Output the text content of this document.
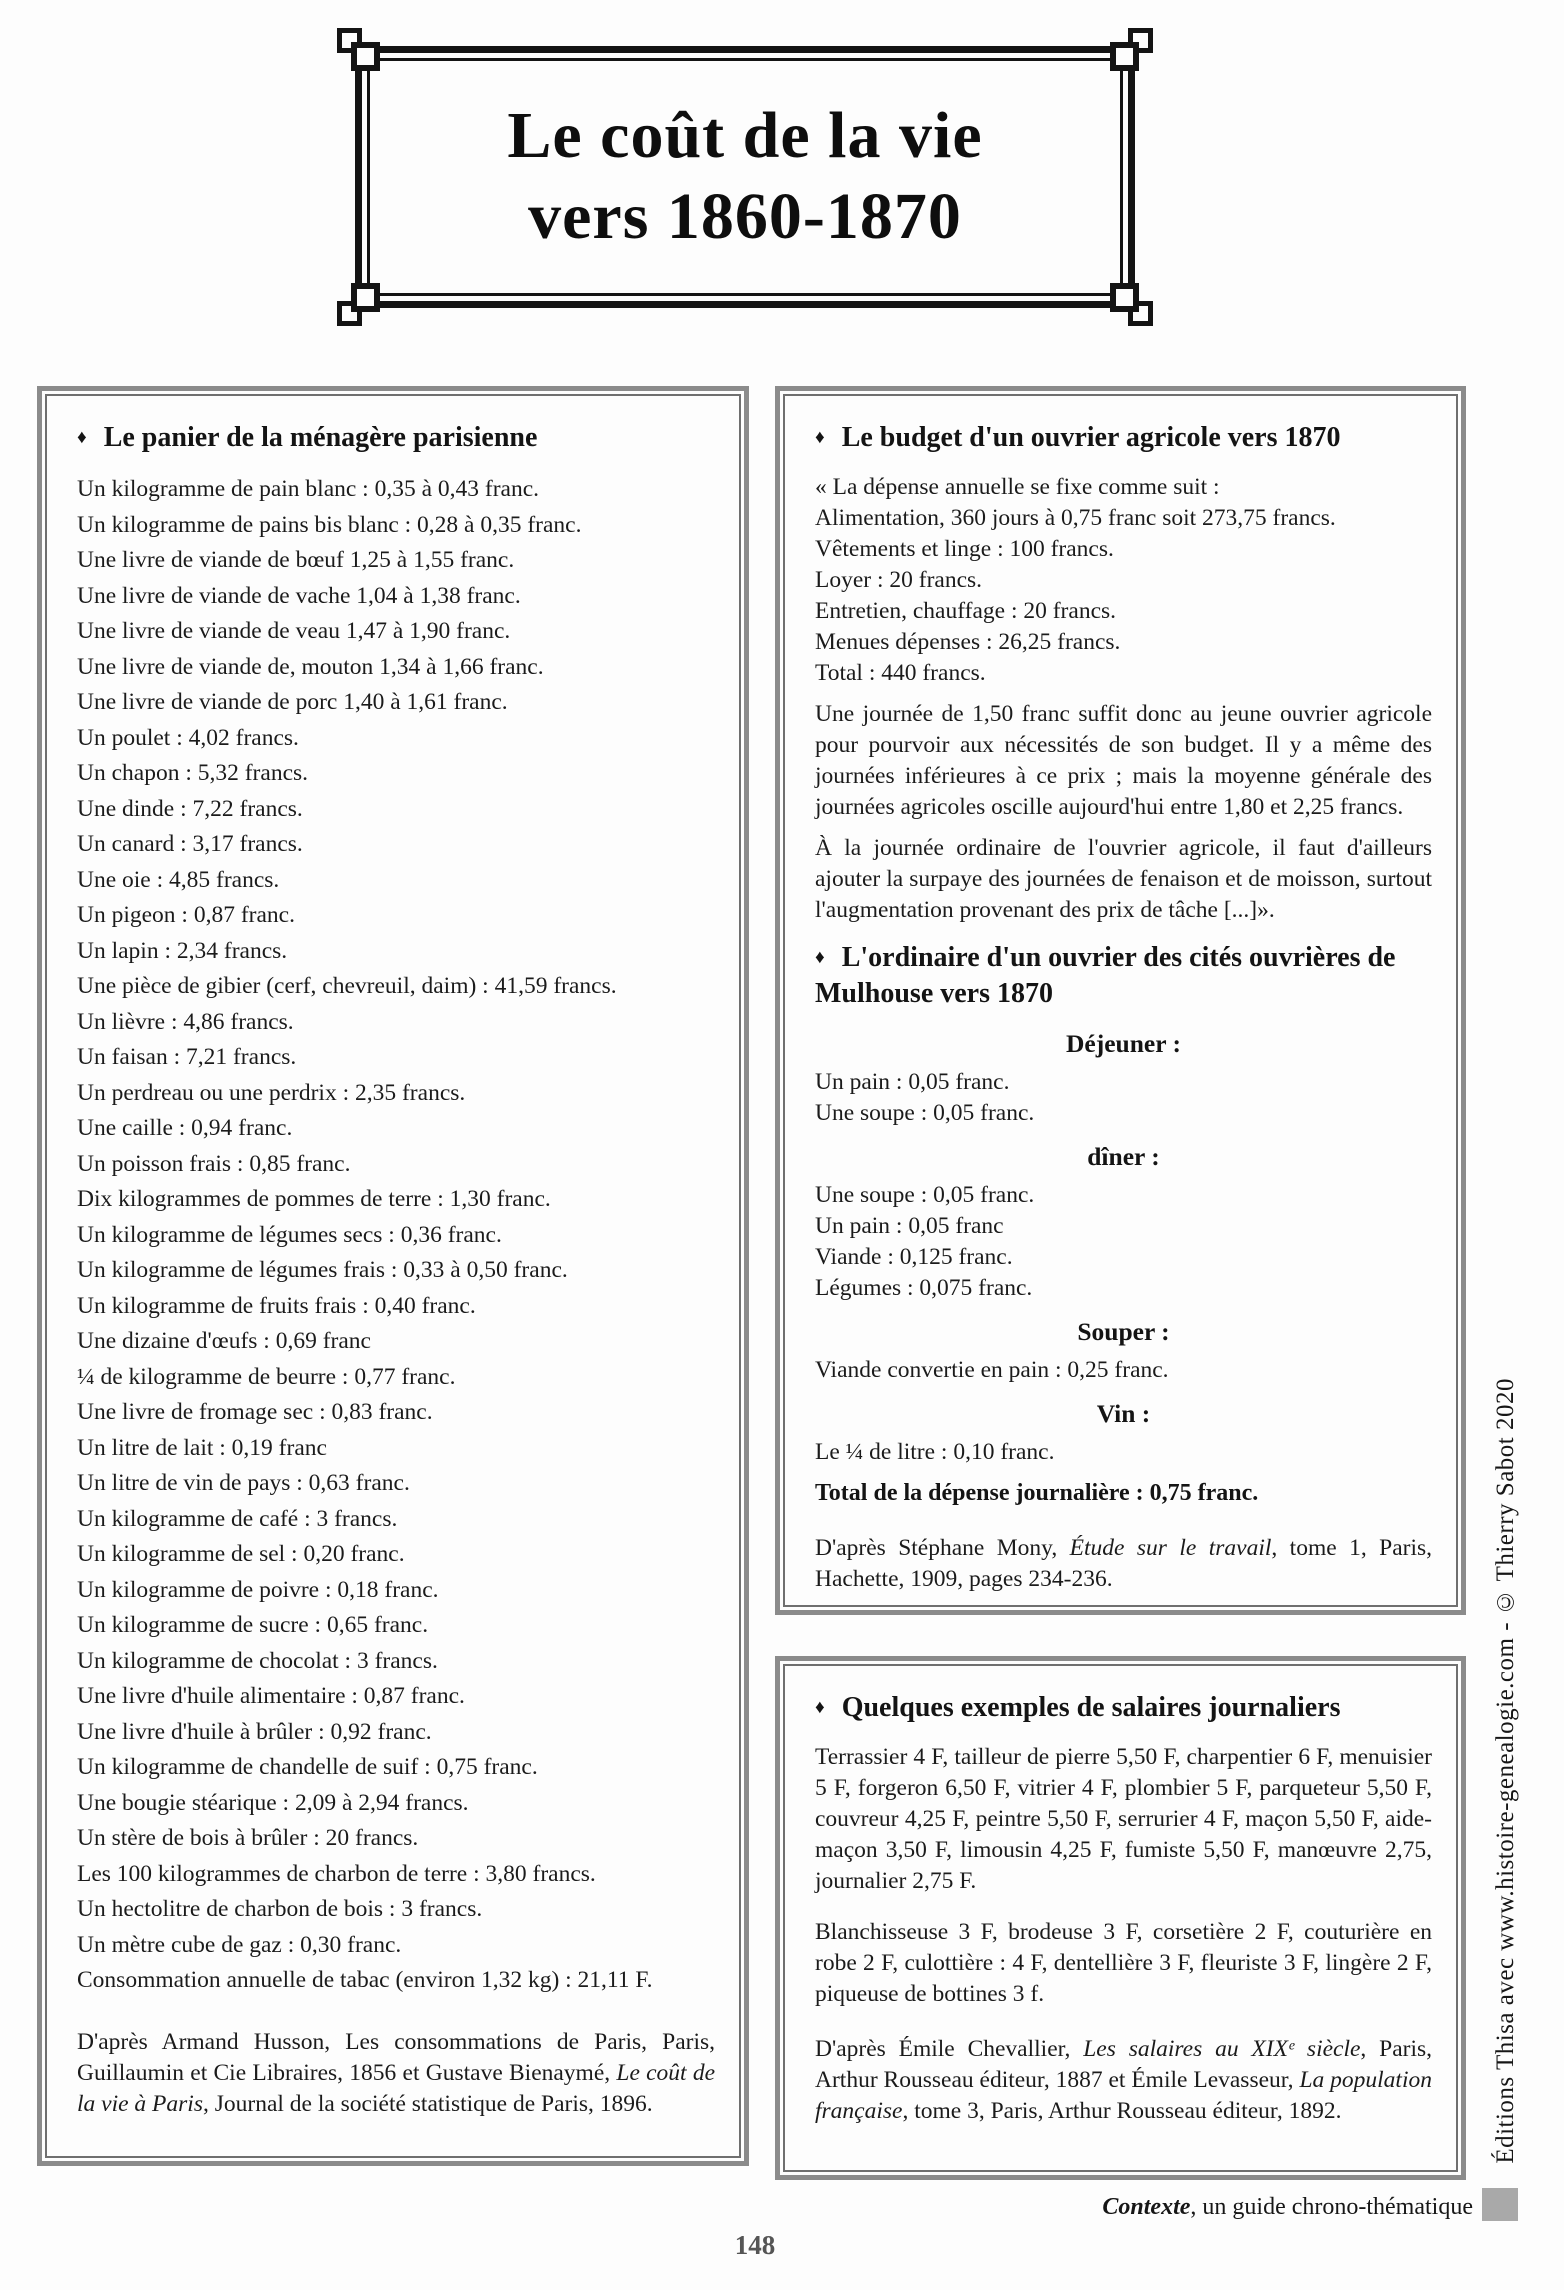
Le coût de la vie
vers 1860-1870
♦ Le panier de la ménagère parisienne
Un kilogramme de pain blanc : 0,35 à 0,43 franc.
Un kilogramme de pains bis blanc : 0,28 à 0,35 franc.
Une livre de viande de bœuf 1,25 à 1,55 franc.
Une livre de viande de vache 1,04 à 1,38 franc.
Une livre de viande de veau 1,47 à 1,90 franc.
Une livre de viande de, mouton 1,34 à 1,66 franc.
Une livre de viande de porc 1,40 à 1,61 franc.
Un poulet : 4,02 francs.
Un chapon : 5,32 francs.
Une dinde : 7,22 francs.
Un canard : 3,17 francs.
Une oie : 4,85 francs.
Un pigeon : 0,87 franc.
Un lapin : 2,34 francs.
Une pièce de gibier (cerf, chevreuil, daim) : 41,59 francs.
Un lièvre : 4,86 francs.
Un faisan : 7,21 francs.
Un perdreau ou une perdrix : 2,35 francs.
Une caille : 0,94 franc.
Un poisson frais : 0,85 franc.
Dix kilogrammes de pommes de terre : 1,30 franc.
Un kilogramme de légumes secs : 0,36 franc.
Un kilogramme de légumes frais : 0,33 à 0,50 franc.
Un kilogramme de fruits frais : 0,40 franc.
Une dizaine d'œufs : 0,69 franc
¼ de kilogramme de beurre : 0,77 franc.
Une livre de fromage sec : 0,83 franc.
Un litre de lait : 0,19 franc
Un litre de vin de pays : 0,63 franc.
Un kilogramme de café : 3 francs.
Un kilogramme de sel : 0,20 franc.
Un kilogramme de poivre : 0,18 franc.
Un kilogramme de sucre : 0,65 franc.
Un kilogramme de chocolat : 3 francs.
Une livre d'huile alimentaire : 0,87 franc.
Une livre d'huile à brûler : 0,92 franc.
Un kilogramme de chandelle de suif : 0,75 franc.
Une bougie stéarique : 2,09 à 2,94 francs.
Un stère de bois à brûler : 20 francs.
Les 100 kilogrammes de charbon de terre : 3,80 francs.
Un hectolitre de charbon de bois : 3 francs.
Un mètre cube de gaz : 0,30 franc.
Consommation annuelle de tabac (environ 1,32 kg) : 21,11 F.
D'après Armand Husson, Les consommations de Paris, Paris, Guillaumin et Cie Libraires, 1856 et Gustave Bienaymé, Le coût de la vie à Paris, Journal de la société statistique de Paris, 1896.
♦ Le budget d'un ouvrier agricole vers 1870
« La dépense annuelle se fixe comme suit :
Alimentation, 360 jours à 0,75 franc soit 273,75 francs.
Vêtements et linge : 100 francs.
Loyer : 20 francs.
Entretien, chauffage : 20 francs.
Menues dépenses : 26,25 francs.
Total : 440 francs.
Une journée de 1,50 franc suffit donc au jeune ouvrier agricole pour pourvoir aux nécessités de son budget. Il y a même des journées inférieures à ce prix ; mais la moyenne générale des journées agricoles oscille aujourd'hui entre 1,80 et 2,25 francs.
À la journée ordinaire de l'ouvrier agricole, il faut d'ailleurs ajouter la surpaye des journées de fenaison et de moisson, surtout l'augmentation provenant des prix de tâche [...]».
♦ L'ordinaire d'un ouvrier des cités ouvrières de Mulhouse vers 1870
Déjeuner :
Un pain : 0,05 franc.
Une soupe : 0,05 franc.
dîner :
Une soupe : 0,05 franc.
Un pain : 0,05 franc
Viande : 0,125 franc.
Légumes : 0,075 franc.
Souper :
Viande convertie en pain : 0,25 franc.
Vin :
Le ¼ de litre : 0,10 franc.
Total de la dépense journalière : 0,75 franc.
D'après Stéphane Mony, Étude sur le travail, tome 1, Paris, Hachette, 1909, pages 234-236.
♦ Quelques exemples de salaires journaliers
Terrassier 4 F, tailleur de pierre 5,50 F, charpentier 6 F, menuisier 5 F, forgeron 6,50 F, vitrier 4 F, plombier 5 F, parqueteur 5,50 F, couvreur 4,25 F, peintre 5,50 F, serrurier 4 F, maçon 5,50 F, aide-maçon 3,50 F, limousin 4,25 F, fumiste 5,50 F, manœuvre 2,75, journalier 2,75 F.
Blanchisseuse 3 F, brodeuse 3 F, corsetière 2 F, couturière en robe 2 F, culottière : 4 F, dentellière 3 F, fleuriste 3 F, lingère 2 F, piqueuse de bottines 3 f.
D'après Émile Chevallier, Les salaires au XIXᵉ siècle, Paris, Arthur Rousseau éditeur, 1887 et Émile Levasseur, La population française, tome 3, Paris, Arthur Rousseau éditeur, 1892.	Éditions Thisa avec www.histoire-genealogie.com - © Thierry Sabot 2020
Contexte, un guide chrono-thématique
148
